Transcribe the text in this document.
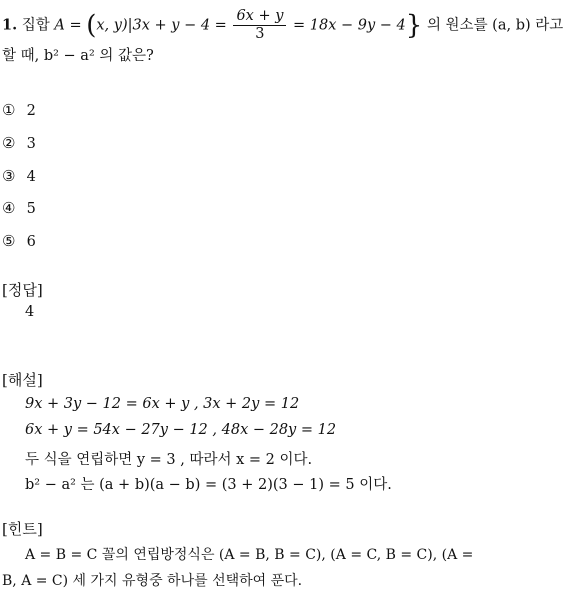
1. 집합 A = (x, $y)|3x + y - 4 = \frac{6x + y}{3} = 18x - 9y - 4$} 의 원소를 (a, b) 라고
할 때, b² − a² 의 값은?
① 2
② 3
③ 4
④ 5
⑤ 6
[정답]
4
[해설]
9x + 3y − 12 = 6x + y , 3x + 2y = 12
6x + y = 54x − 27y − 12 , 48x − 28y = 12
두 식을 연립하면 y = 3 , 따라서 x = 2 이다.
b² − a² 는 (a + b)(a − b) = (3 + 2)(3 − 1) = 5 이다.
[힌트]
A = B = C 꼴의 연립방정식은 (A = B, B = C), (A = C, B = C), (A =
B, A = C) 세 가지 유형중 하나를 선택하여 푼다.
